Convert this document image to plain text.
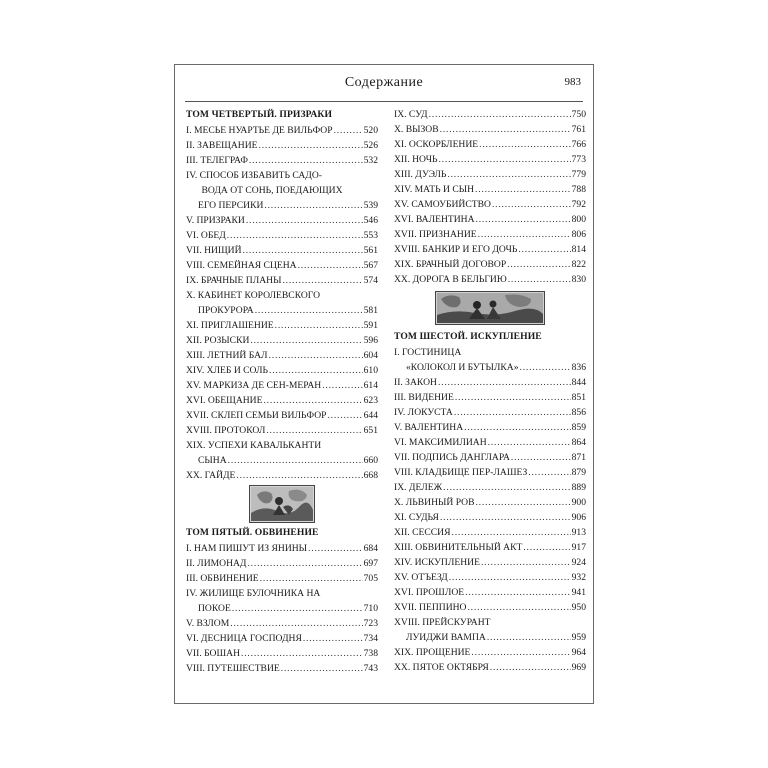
Содержание	983
ТОМ ЧЕТВЕРТЫЙ. ПРИЗРАКИ
I. МЕСЬЕ НУАРТЬЕ ДЕ ВИЛЬФОР . . .	520
II. ЗАВЕЩАНИЕ . . .	526
III. ТЕЛЕГРАФ . . .	532
IV. СПОСОБ ИЗБАВИТЬ САДО-
ВОДА ОТ СОНЬ, ПОЕДАЮЩИХ
ЕГО ПЕРСИКИ . . .	539
V. ПРИЗРАКИ . . .	546
VI. ОБЕД . . .	553
VII. НИЩИЙ . . .	561
VIII. СЕМЕЙНАЯ СЦЕНА . . .	567
IX. БРАЧНЫЕ ПЛАНЫ . . .	574
X. КАБИНЕТ КОРОЛЕВСКОГО
ПРОКУРОРА . . .	581
XI. ПРИГЛАШЕНИЕ . . .	591
XII. РОЗЫСКИ . . .	596
XIII. ЛЕТНИЙ БАЛ . . .	604
XIV. ХЛЕБ И СОЛЬ . . .	610
XV. МАРКИЗА ДЕ СЕН-МЕРАН . . .	614
XVI. ОБЕЩАНИЕ . . .	623
XVII. СКЛЕП СЕМЬИ ВИЛЬФОР . . .	644
XVIII. ПРОТОКОЛ . . .	651
XIX. УСПЕХИ КАВАЛЬКАНТИ
СЫНА . . .	660
XX. ГАЙДЕ . . .	668
ТОМ ПЯТЫЙ. ОБВИНЕНИЕ
I. НАМ ПИШУТ ИЗ ЯНИНЫ . . .	684
II. ЛИМОНАД . . .	697
III. ОБВИНЕНИЕ . . .	705
IV. ЖИЛИЩЕ БУЛОЧНИКА НА
ПОКОЕ . . .	710
V. ВЗЛОМ . . .	723
VI. ДЕСНИЦА ГОСПОДНЯ . . .	734
VII. БОШАН . . .	738
VIII. ПУТЕШЕСТВИЕ . . .	743
IX. СУД . . .	750
X. ВЫЗОВ . . .	761
XI. ОСКОРБЛЕНИЕ . . .	766
XII. НОЧЬ . . .	773
XIII. ДУЭЛЬ . . .	779
XIV. МАТЬ И СЫН . . .	788
XV. САМОУБИЙСТВО . . .	792
XVI. ВАЛЕНТИНА . . .	800
XVII. ПРИЗНАНИЕ . . .	806
XVIII. БАНКИР И ЕГО ДОЧЬ . . .	814
XIX. БРАЧНЫЙ ДОГОВОР . . .	822
XX. ДОРОГА В БЕЛЬГИЮ . . .	830
ТОМ ШЕСТОЙ. ИСКУПЛЕНИЕ
I. ГОСТИНИЦА
«КОЛОКОЛ И БУТЫЛКА» . . .	836
II. ЗАКОН . . .	844
III. ВИДЕНИЕ . . .	851
IV. ЛОКУСТА . . .	856
V. ВАЛЕНТИНА . . .	859
VI. МАКСИМИЛИАН . . .	864
VII. ПОДПИСЬ ДАНГЛАРА . . .	871
VIII. КЛАДБИЩЕ ПЕР-ЛАШЕЗ . . .	879
IX. ДЕЛЕЖ . . .	889
X. ЛЬВИНЫЙ РОВ . . .	900
XI. СУДЬЯ . . .	906
XII. СЕССИЯ . . .	913
XIII. ОБВИНИТЕЛЬНЫЙ АКТ . . .	917
XIV. ИСКУПЛЕНИЕ . . .	924
XV. ОТЪЕЗД . . .	932
XVI. ПРОШЛОЕ . . .	941
XVII. ПЕППИНО . . .	950
XVIII. ПРЕЙСКУРАНТ
ЛУИДЖИ ВАМПА . . .	959
XIX. ПРОЩЕНИЕ . . .	964
XX. ПЯТОЕ ОКТЯБРЯ . . .	969
